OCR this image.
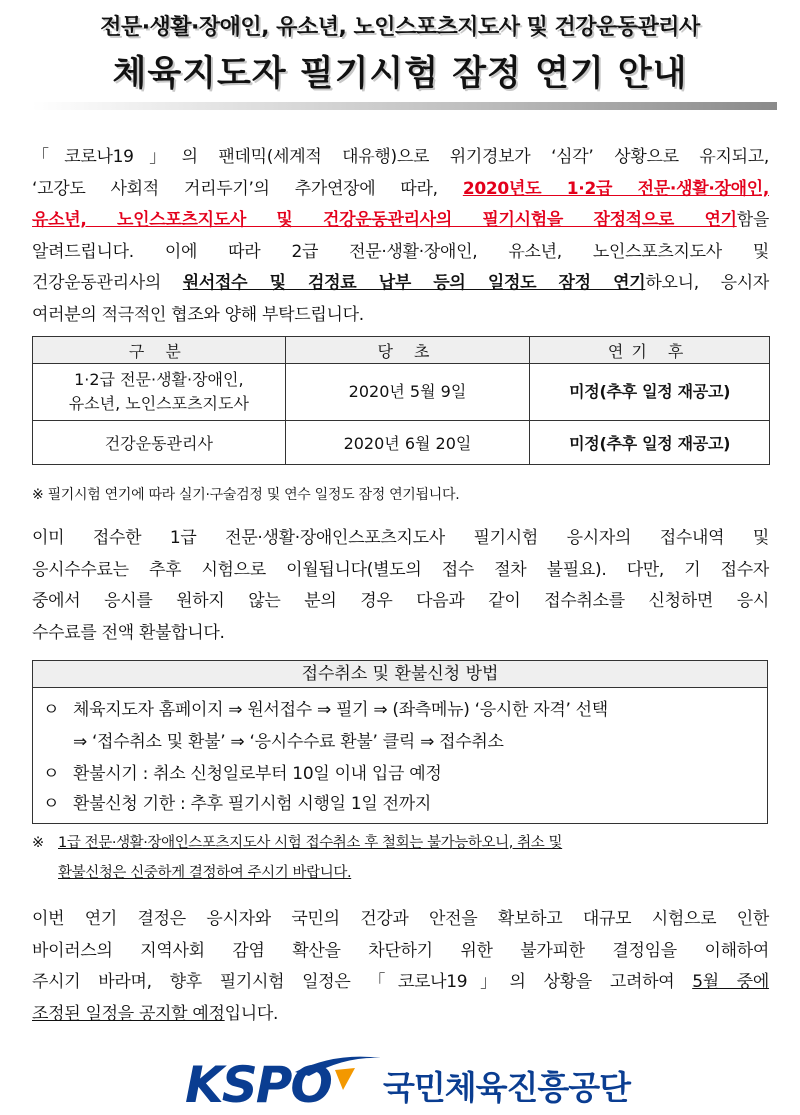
전문·생활·장애인, 유소년, 노인스포츠지도사 및 건강운동관리사
체육지도자 필기시험 잠정 연기 안내
「코로나19」의 팬데믹(세계적 대유행)으로 위기경보가 ‘심각’ 상황으로 유지되고,
‘고강도 사회적 거리두기’의 추가연장에 따라, 2020년도 1·2급 전문·생활·장애인,
유소년, 노인스포츠지도사 및 건강운동관리사의 필기시험을 잠정적으로 연기함을
알려드립니다. 이에 따라 2급 전문·생활·장애인, 유소년, 노인스포츠지도사 및
건강운동관리사의 원서접수 및 검정료 납부 등의 일정도 잠정 연기하오니, 응시자
여러분의 적극적인 협조와 양해 부탁드립니다.
구 분	당 초	연기 후
1·2급 전문·생활·장애인,
유소년, 노인스포츠지도사	2020년 5월 9일	미정(추후 일정 재공고)
건강운동관리사	2020년 6월 20일	미정(추후 일정 재공고)
※ 필기시험 연기에 따라 실기·구술검정 및 연수 일정도 잠정 연기됩니다.
이미 접수한 1급 전문·생활·장애인스포츠지도사 필기시험 응시자의 접수내역 및
응시수수료는 추후 시험으로 이월됩니다(별도의 접수 절차 불필요). 다만, 기 접수자
중에서 응시를 원하지 않는 분의 경우 다음과 같이 접수취소를 신청하면 응시
수수료를 전액 환불합니다.
접수취소 및 환불신청 방법
ㅇ 체육지도자 홈페이지 ⇒ 원서접수 ⇒ 필기 ⇒ (좌측메뉴) ‘응시한 자격’ 선택
⇒ ‘접수취소 및 환불’ ⇒ ‘응시수수료 환불’ 클릭 ⇒ 접수취소
ㅇ 환불시기 : 취소 신청일로부터 10일 이내 입금 예정
ㅇ 환불신청 기한 : 추후 필기시험 시행일 1일 전까지
※ 1급 전문·생활·장애인스포츠지도사 시험 접수취소 후 철회는 불가능하오니, 취소 및
환불신청은 신중하게 결정하여 주시기 바랍니다.
이번 연기 결정은 응시자와 국민의 건강과 안전을 확보하고 대규모 시험으로 인한
바이러스의 지역사회 감염 확산을 차단하기 위한 불가피한 결정임을 이해하여
주시기 바라며, 향후 필기시험 일정은 「코로나19」의 상황을 고려하여 5월 중에
조정된 일정을 공지할 예정입니다.
KSPO 국민체육진흥공단
